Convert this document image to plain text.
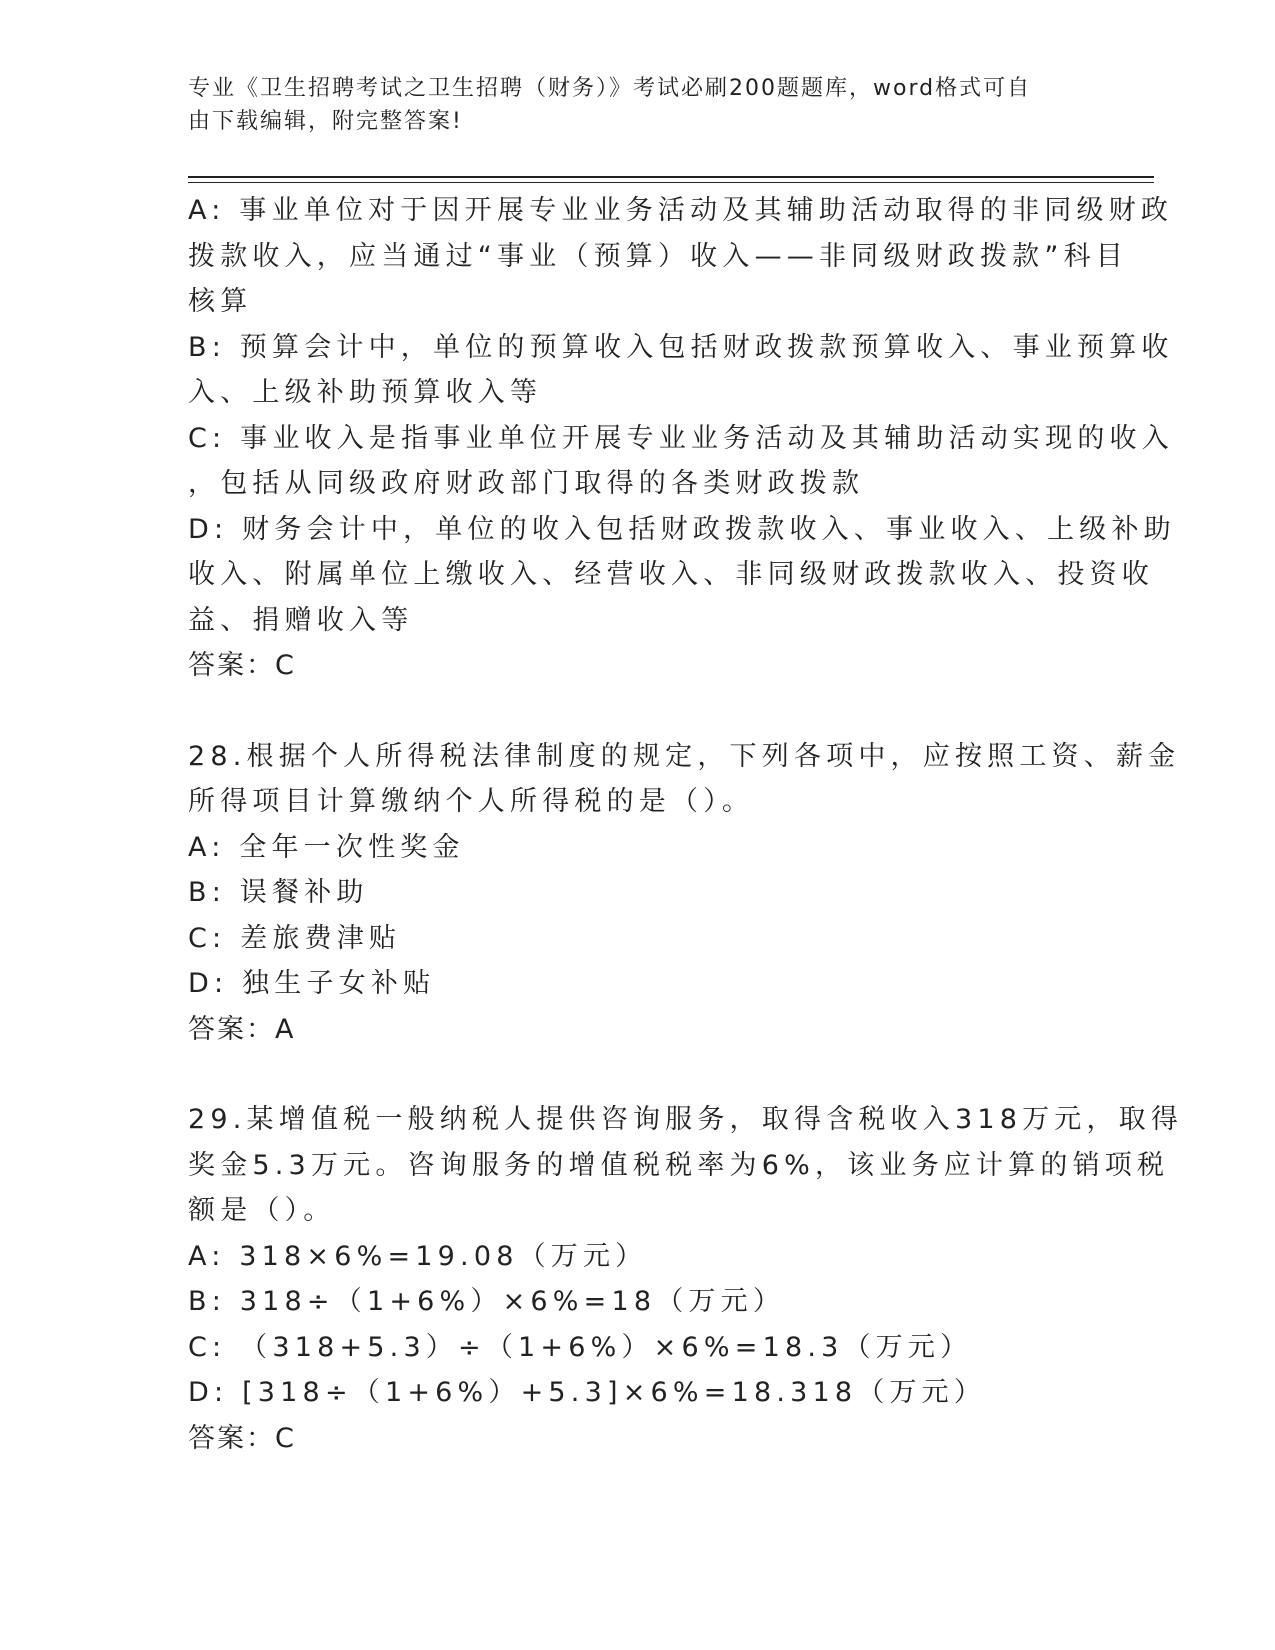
专业《卫生招聘考试之卫生招聘（财务）》考试必刷200题题库，word格式可自
由下载编辑，附完整答案!
A: 事业单位对于因开展专业业务活动及其辅助活动取得的非同级财政
拨款收入，应当通过“事业（预算）收入——非同级财政拨款”科目
核算
B: 预算会计中，单位的预算收入包括财政拨款预算收入、事业预算收
入、上级补助预算收入等
C: 事业收入是指事业单位开展专业业务活动及其辅助活动实现的收入
，包括从同级政府财政部门取得的各类财政拨款
D: 财务会计中，单位的收入包括财政拨款收入、事业收入、上级补助
收入、附属单位上缴收入、经营收入、非同级财政拨款收入、投资收
益、捐赠收入等
答案：C
28.根据个人所得税法律制度的规定，下列各项中，应按照工资、薪金
所得项目计算缴纳个人所得税的是（）。
A: 全年一次性奖金
B: 误餐补助
C: 差旅费津贴
D: 独生子女补贴
答案：A
29.某增值税一般纳税人提供咨询服务，取得含税收入318万元，取得
奖金5.3万元。咨询服务的增值税税率为6%，该业务应计算的销项税
额是（）。
A: 318×6%=19.08（万元）
B: 318÷（1+6%）×6%=18（万元）
C: （318+5.3）÷（1+6%）×6%=18.3（万元）
D: [318÷（1+6%）+5.3]×6%=18.318（万元）
答案：C
